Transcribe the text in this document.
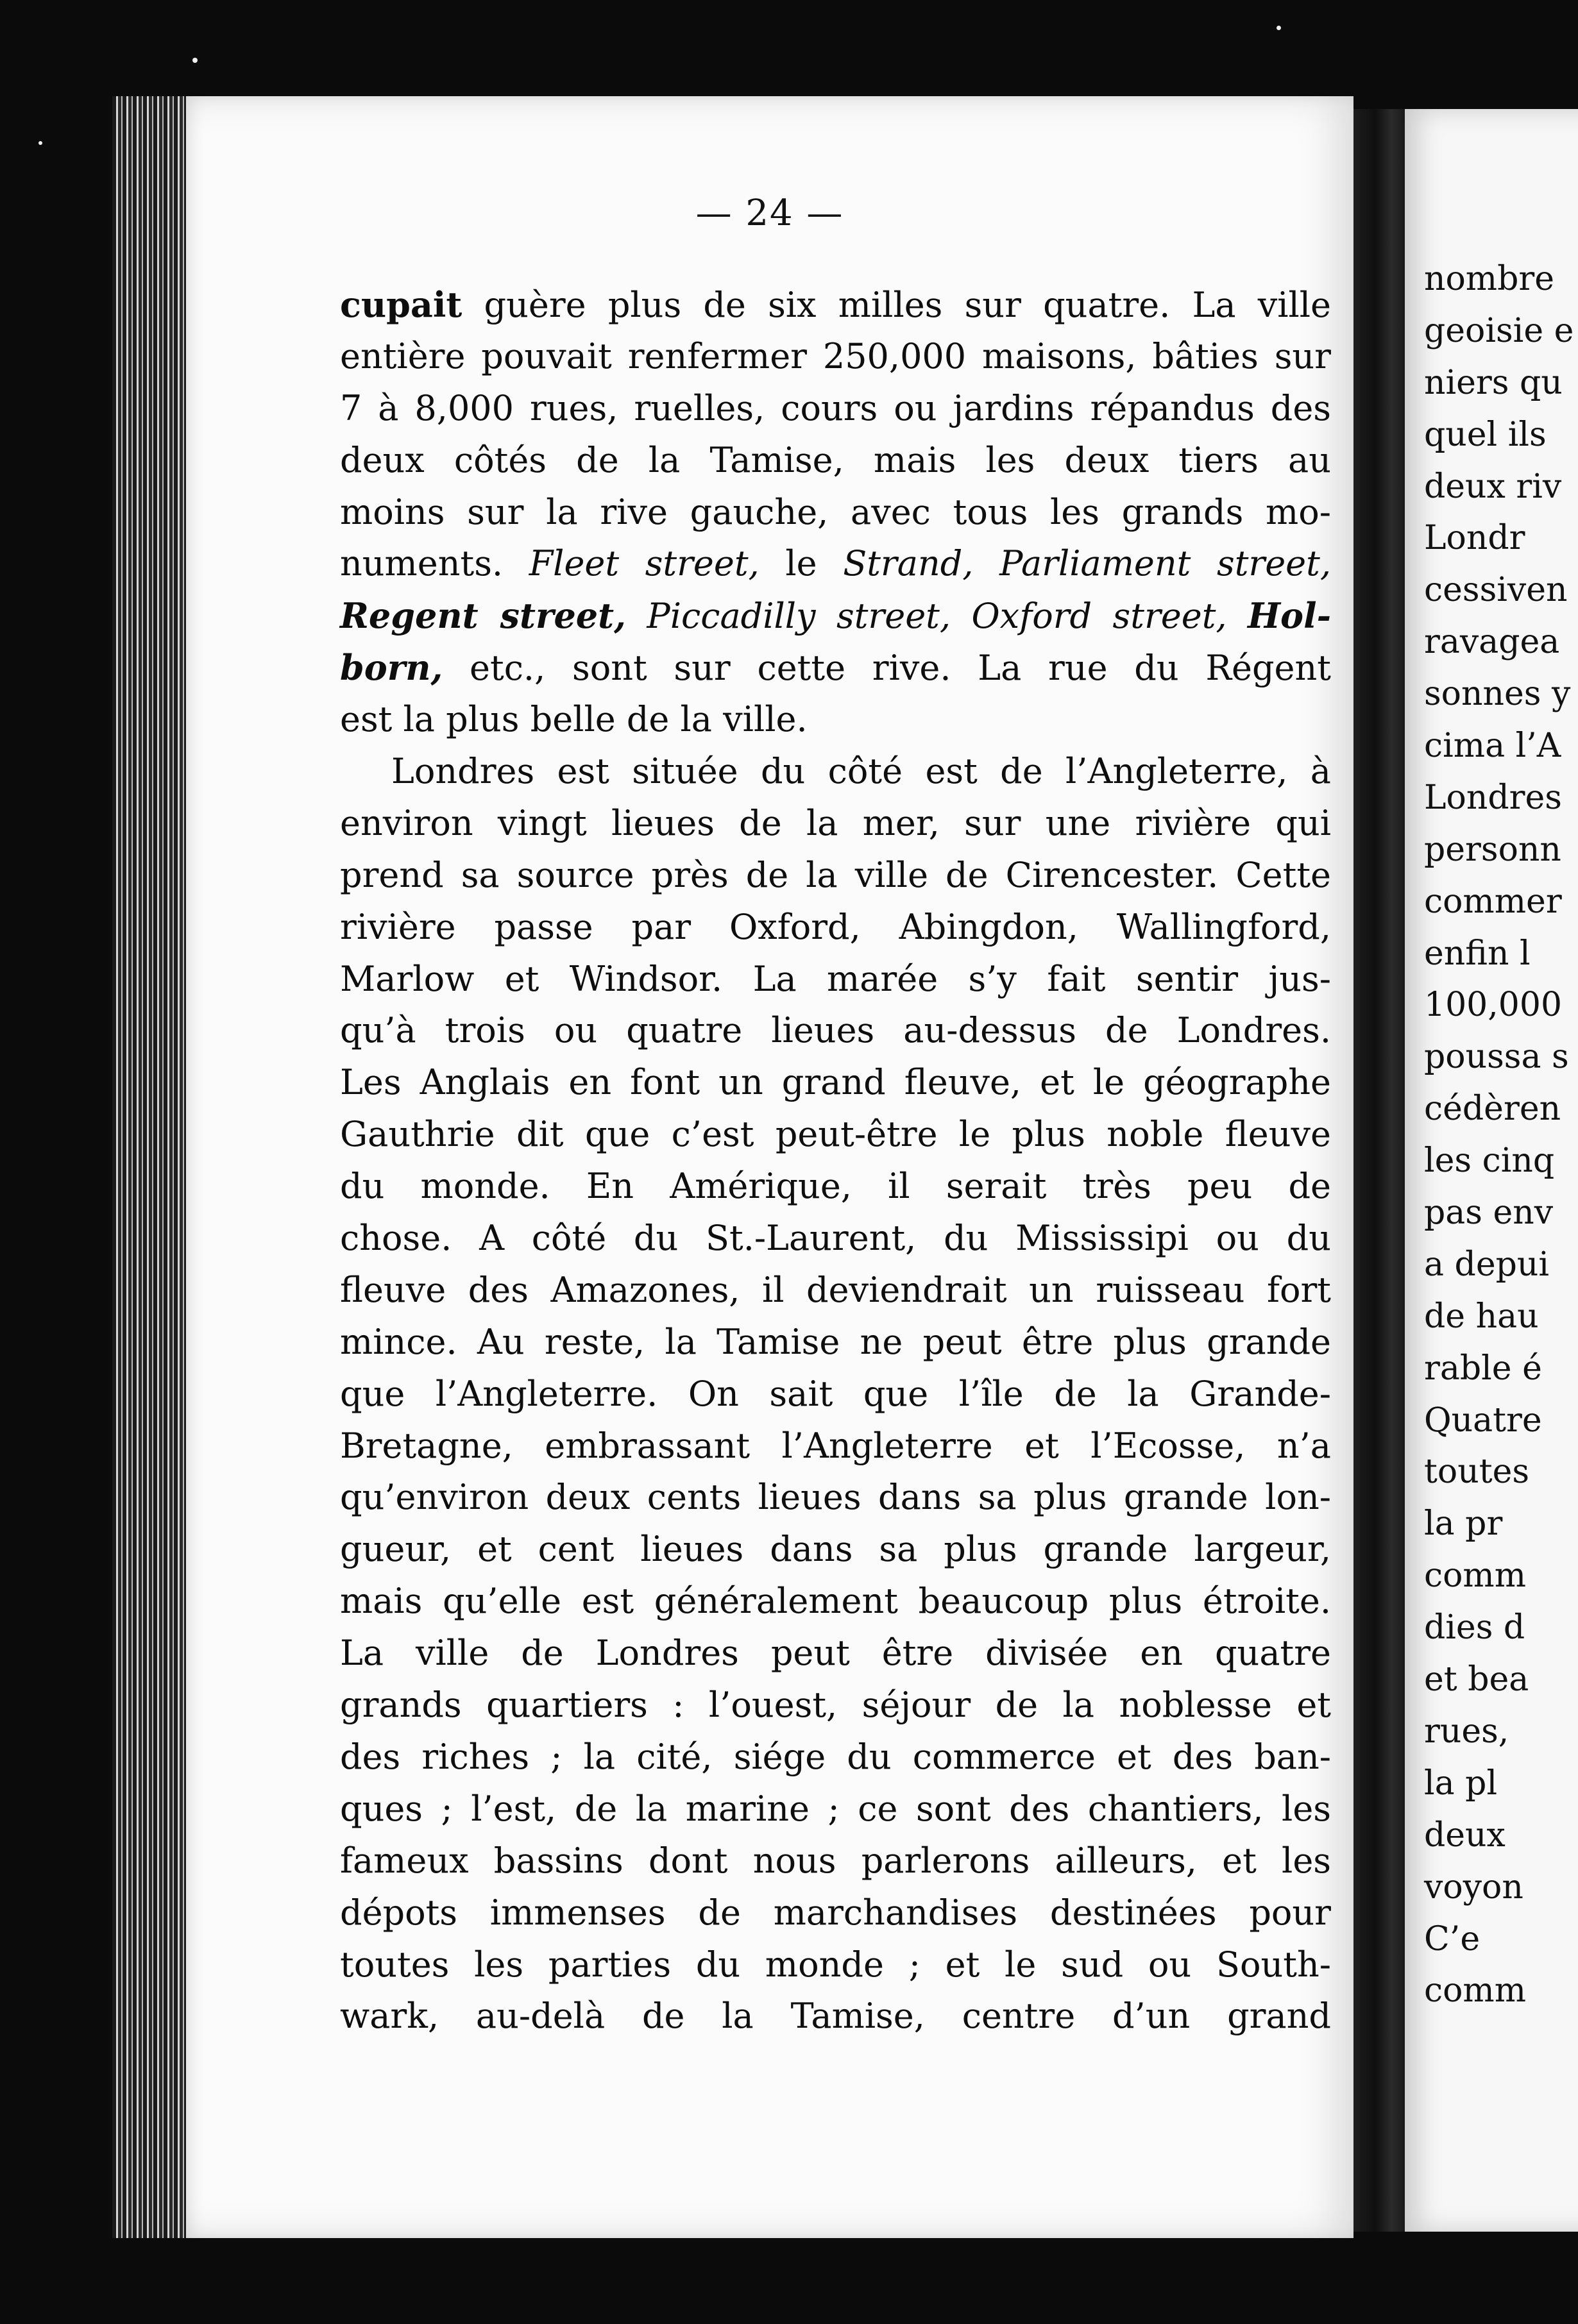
— 24 —
cupait guère plus de six milles sur quatre. La ville
entière pouvait renfermer 250,000 maisons, bâties sur
7 à 8,000 rues, ruelles, cours ou jardins répandus des
deux côtés de la Tamise, mais les deux tiers au
moins sur la rive gauche, avec tous les grands mo-
numents. Fleet street, le Strand, Parliament street,
Regent street, Piccadilly street, Oxford street, Hol-
born, etc., sont sur cette rive. La rue du Régent
est la plus belle de la ville.
Londres est située du côté est de l’Angleterre, à
environ vingt lieues de la mer, sur une rivière qui
prend sa source près de la ville de Cirencester. Cette
rivière passe par Oxford, Abingdon, Wallingford,
Marlow et Windsor. La marée s’y fait sentir jus-
qu’à trois ou quatre lieues au-dessus de Londres.
Les Anglais en font un grand fleuve, et le géographe
Gauthrie dit que c’est peut-être le plus noble fleuve
du monde. En Amérique, il serait très peu de
chose. A côté du St.-Laurent, du Mississipi ou du
fleuve des Amazones, il deviendrait un ruisseau fort
mince. Au reste, la Tamise ne peut être plus grande
que l’Angleterre. On sait que l’île de la Grande-
Bretagne, embrassant l’Angleterre et l’Ecosse, n’a
qu’environ deux cents lieues dans sa plus grande lon-
gueur, et cent lieues dans sa plus grande largeur,
mais qu’elle est généralement beaucoup plus étroite.
La ville de Londres peut être divisée en quatre
grands quartiers : l’ouest, séjour de la noblesse et
des riches ; la cité, siége du commerce et des ban-
ques ; l’est, de la marine ; ce sont des chantiers, les
fameux bassins dont nous parlerons ailleurs, et les
dépots immenses de marchandises destinées pour
toutes les parties du monde ; et le sud ou South-
wark, au-delà de la Tamise, centre d’un grand
nombre
geoisie e
niers qu
quel ils
deux riv
Londr
cessiven
ravagea
sonnes y
cima l’A
Londres
personn
commer
enfin l
100,000
poussa s
cédèren
les cinq
pas env
a depui
de hau
rable é
Quatre
toutes
la pr
comm
dies d
et bea
rues,
la pl
deux
voyon
C’e
comm
